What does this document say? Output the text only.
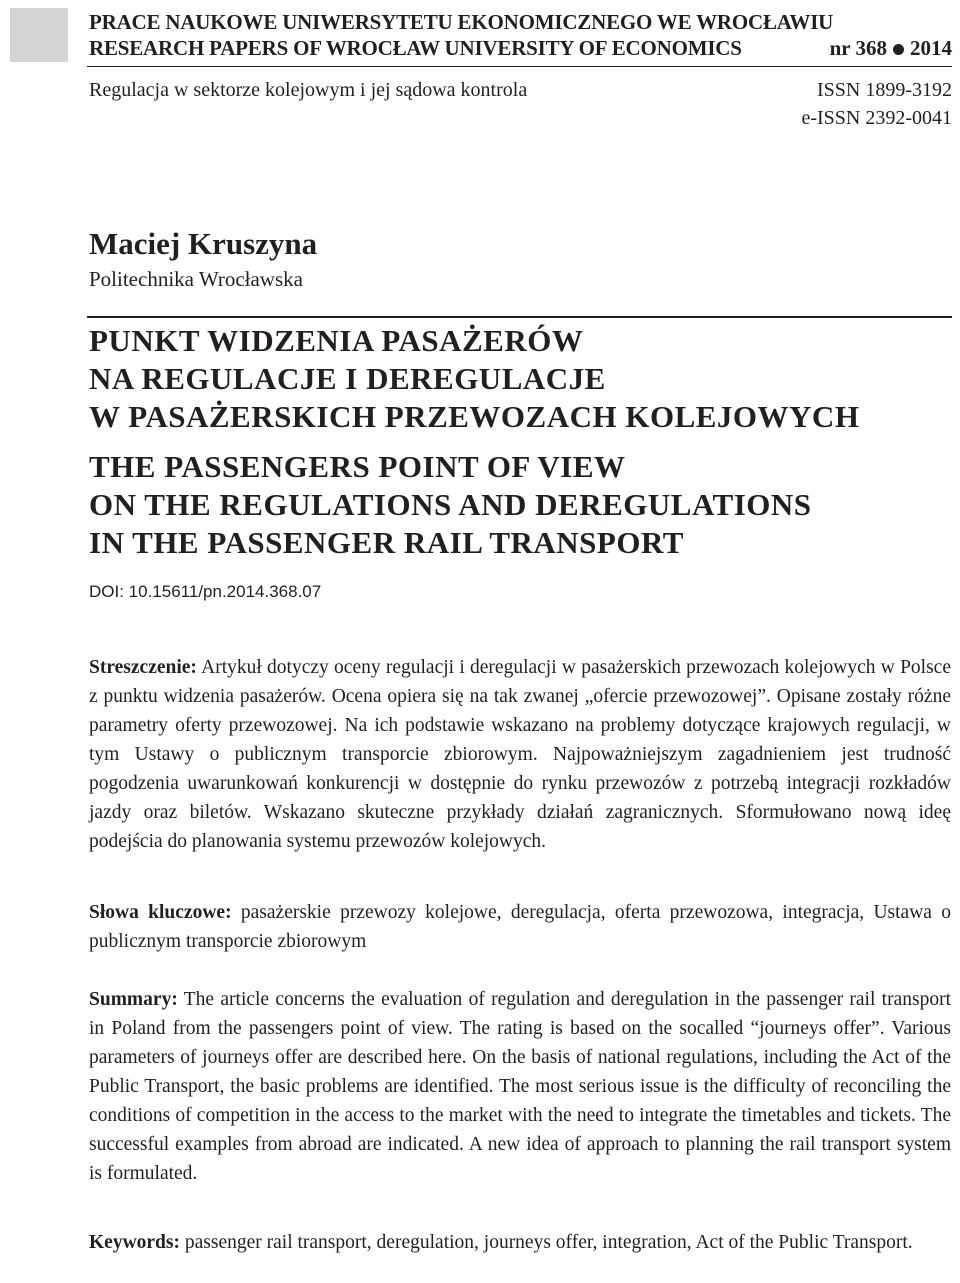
PRACE NAUKOWE UNIWERSYTETU EKONOMICZNEGO WE WROCŁAWIU
RESEARCH PAPERS OF WROCŁAW UNIVERSITY OF ECONOMICS	nr 368 2014
Regulacja w sektorze kolejowym i jej sądowa kontrola	ISSN 1899-3192
e-ISSN 2392-0041
Maciej Kruszyna
Politechnika Wrocławska
PUNKT WIDZENIA PASAŻERÓW
NA REGULACJE I DEREGULACJE
W PASAŻERSKICH PRZEWOZACH KOLEJOWYCH
THE PASSENGERS POINT OF VIEW
ON THE REGULATIONS AND DEREGULATIONS
IN THE PASSENGER RAIL TRANSPORT
DOI: 10.15611/pn.2014.368.07

Streszczenie: Artykuł dotyczy oceny regulacji i deregulacji w pasażerskich przewozach kolejowych w Polsce z punktu widzenia pasażerów. Ocena opiera się na tak zwanej „ofercie przewozowej”. Opisane zostały różne parametry oferty przewozowej. Na ich podstawie wskazano na problemy dotyczące krajowych regulacji, w tym Ustawy o publicznym transporcie zbiorowym. Najpoważniejszym zagadnieniem jest trudność pogodzenia uwarunkowań konkurencji w dostępnie do rynku przewozów z potrzebą integracji rozkładów jazdy oraz biletów. Wskazano skuteczne przykłady działań zagranicznych. Sformułowano nową ideę podejścia do planowania systemu przewozów kolejowych.

Słowa kluczowe: pasażerskie przewozy kolejowe, deregulacja, oferta przewozowa, integracja, Ustawa o publicznym transporcie zbiorowym

Summary: The article concerns the evaluation of regulation and deregulation in the passenger rail transport in Poland from the passengers point of view. The rating is based on the socalled “journeys offer”. Various parameters of journeys offer are described here. On the basis of national regulations, including the Act of the Public Transport, the basic problems are identified. The most serious issue is the difficulty of reconciling the conditions of competition in the access to the market with the need to integrate the timetables and tickets. The successful examples from abroad are indicated. A new idea of approach to planning the rail transport system is formulated.

Keywords: passenger rail transport, deregulation, journeys offer, integration, Act of the Public Transport.
